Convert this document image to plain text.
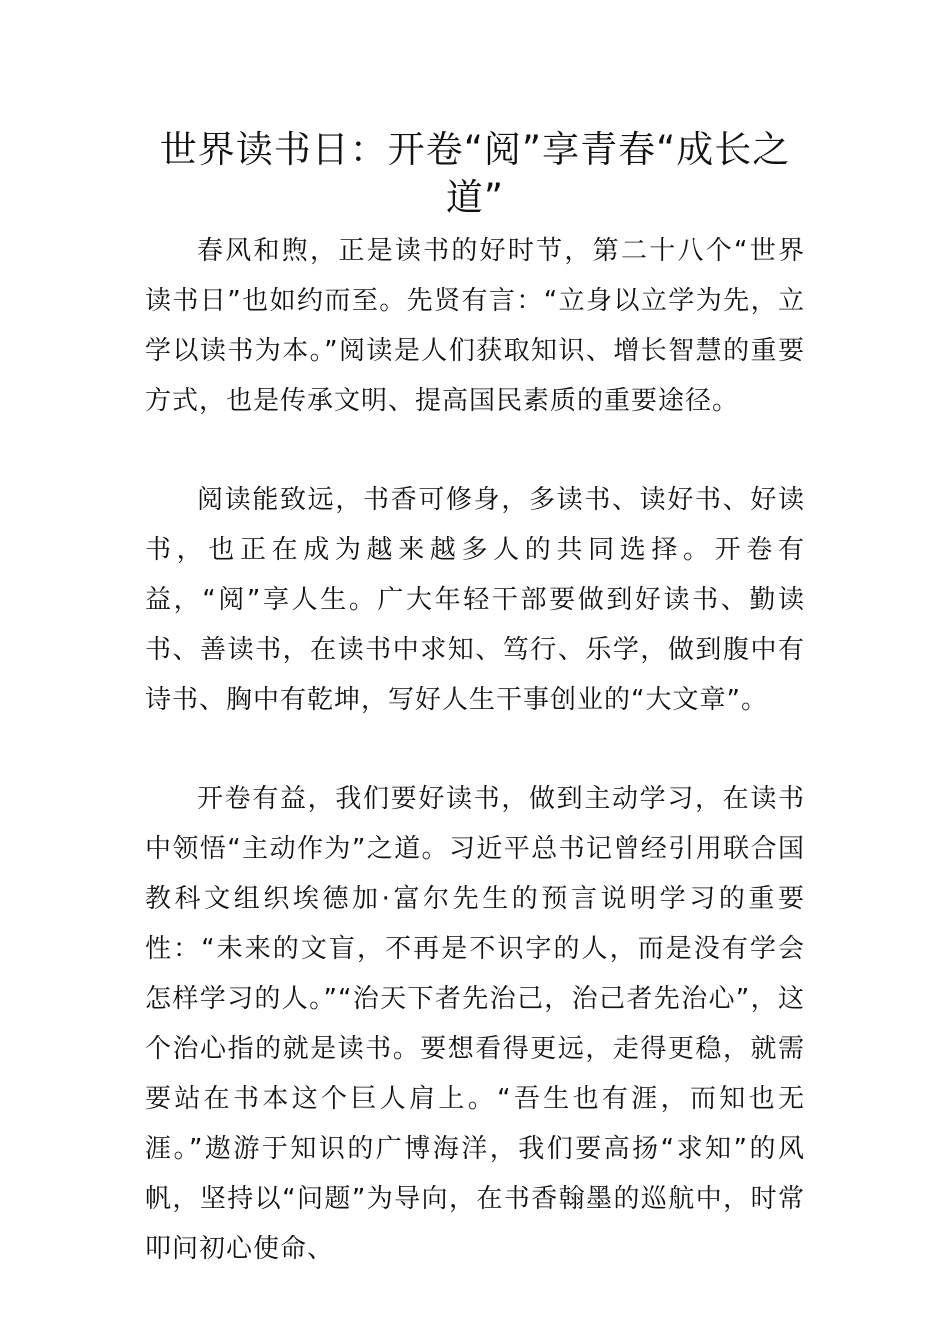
世界读书日：开卷“阅”享青春“成长之道”

春风和煦，正是读书的好时节，第二十八个“世界读书日”也如约而至。先贤有言：“立身以立学为先，立学以读书为本。”阅读是人们获取知识、增长智慧的重要方式，也是传承文明、提高国民素质的重要途径。

阅读能致远，书香可修身，多读书、读好书、好读书，也正在成为越来越多人的共同选择。开卷有益，“阅”享人生。广大年轻干部要做到好读书、勤读书、善读书，在读书中求知、笃行、乐学，做到腹中有诗书、胸中有乾坤，写好人生干事创业的“大文章”。

开卷有益，我们要好读书，做到主动学习，在读书中领悟“主动作为”之道。习近平总书记曾经引用联合国教科文组织埃德加·富尔先生的预言说明学习的重要性：“未来的文盲，不再是不识字的人，而是没有学会怎样学习的人。”“治天下者先治己，治己者先治心”，这个治心指的就是读书。要想看得更远，走得更稳，就需要站在书本这个巨人肩上。“吾生也有涯，而知也无涯。”遨游于知识的广博海洋，我们要高扬“求知”的风帆，坚持以“问题”为导向，在书香翰墨的巡航中，时常叩问初心使命、
